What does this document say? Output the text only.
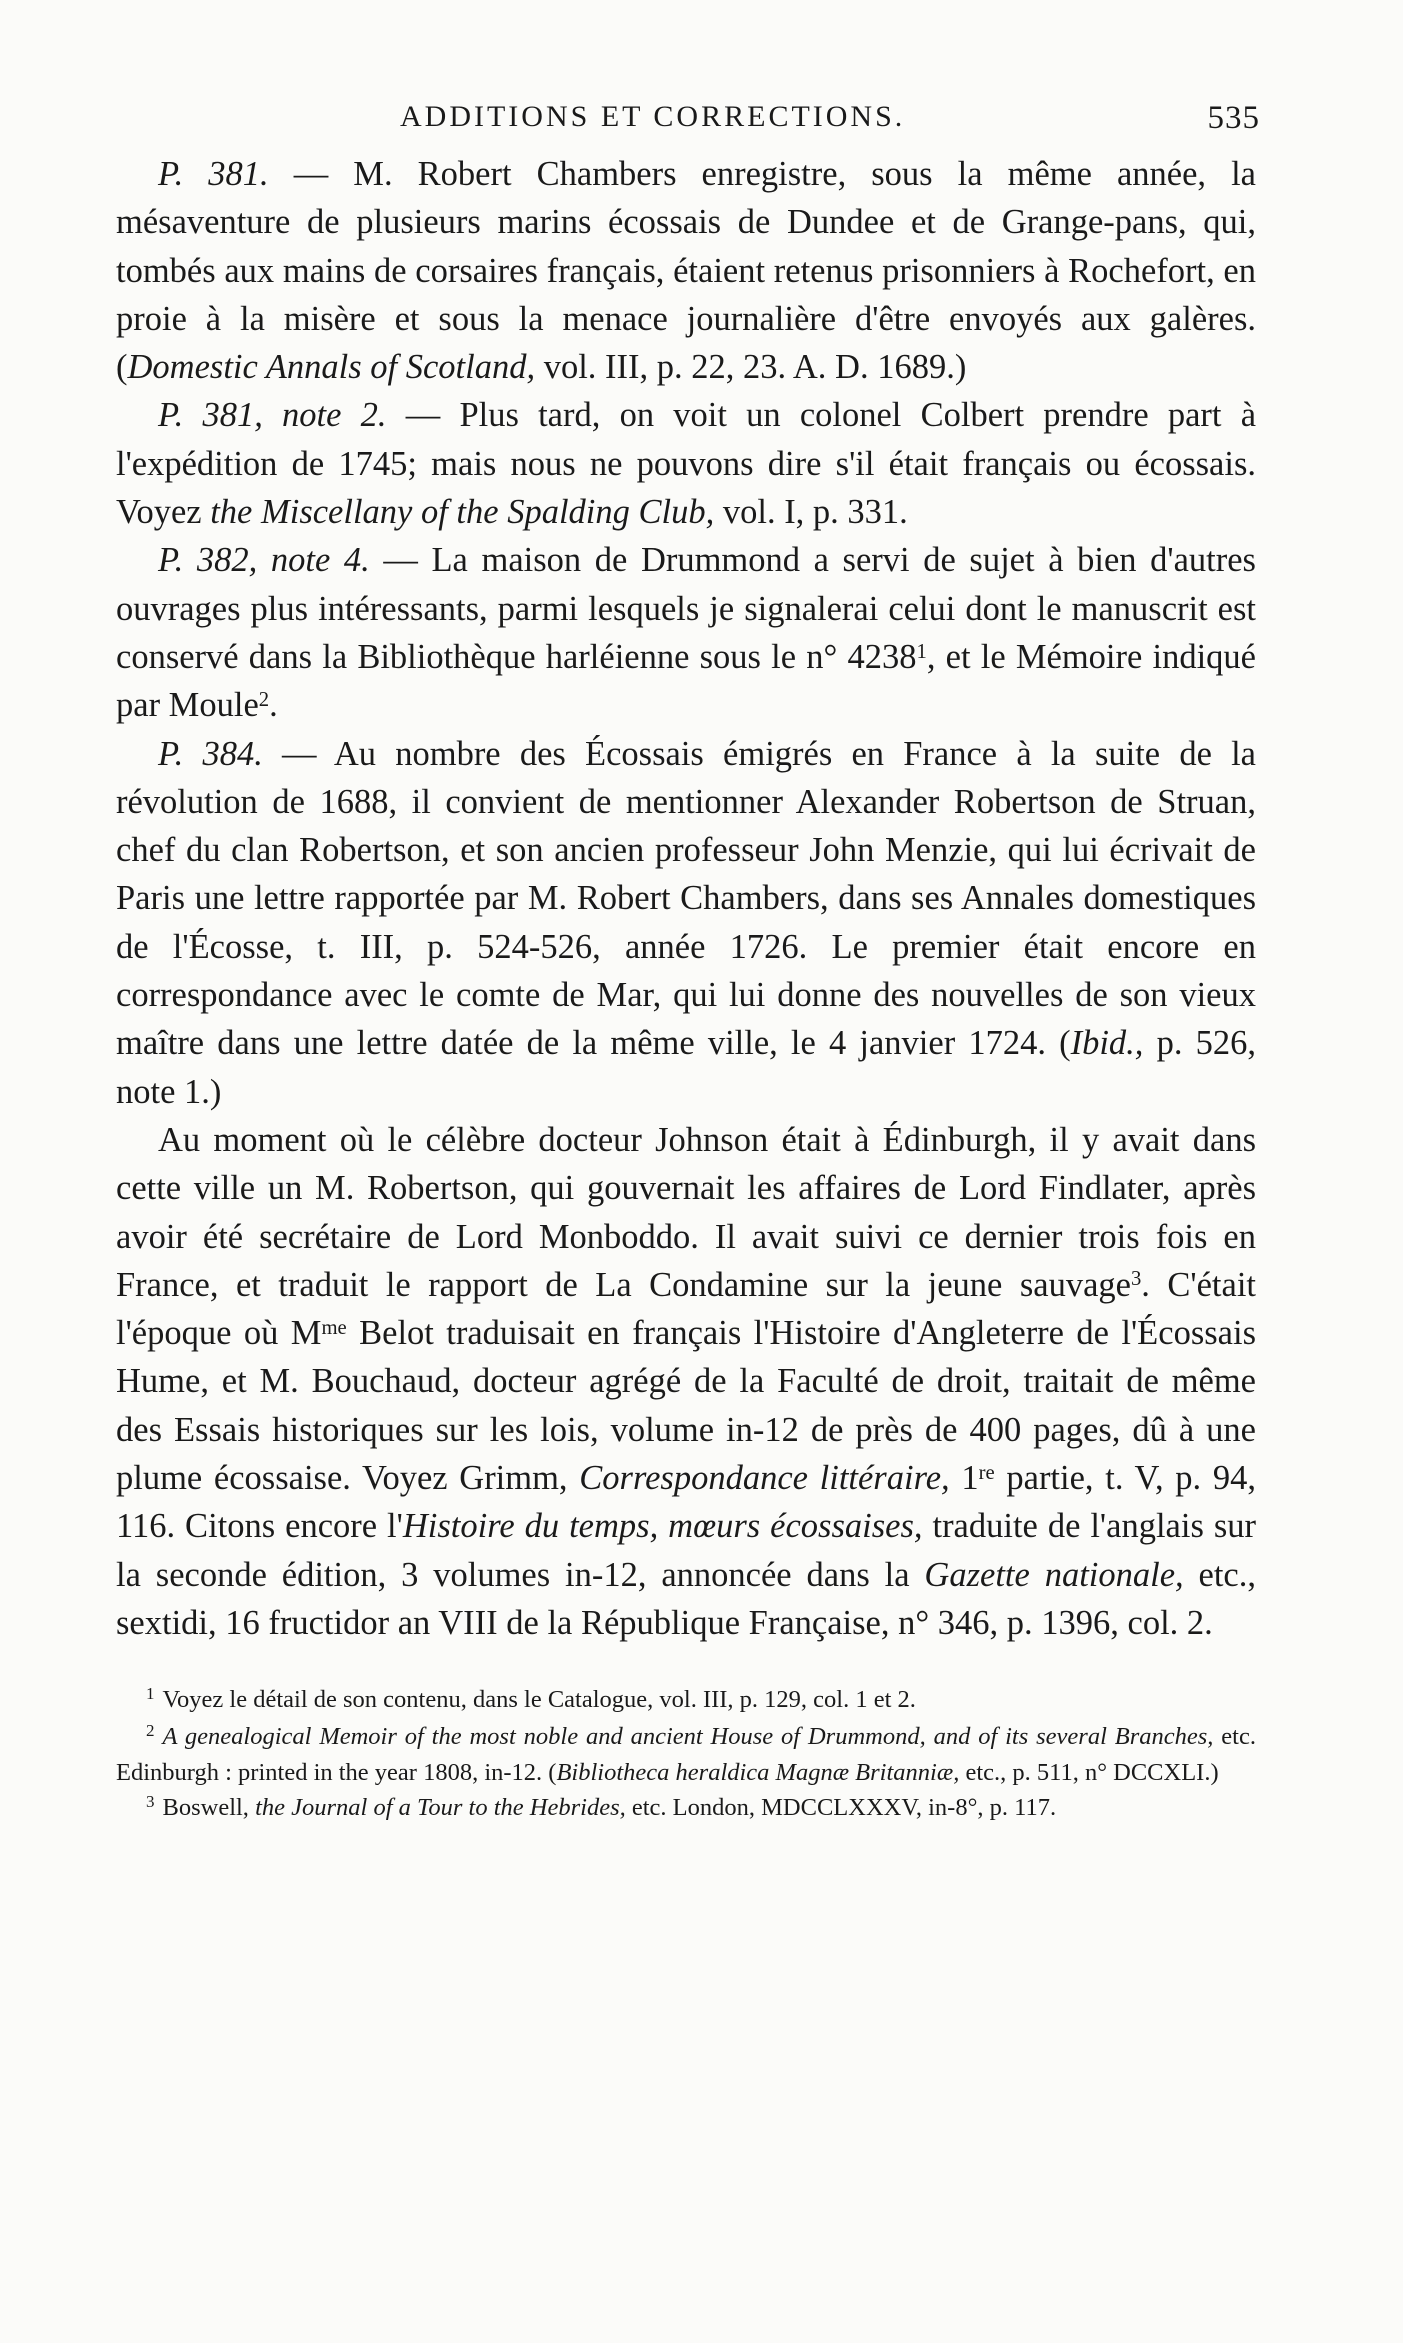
ADDITIONS ET CORRECTIONS.	535

P. 381. — M. Robert Chambers enregistre, sous la même année, la mésaventure de plusieurs marins écossais de Dundee et de Grange-pans, qui, tombés aux mains de corsaires français, étaient retenus prisonniers à Rochefort, en proie à la misère et sous la menace journalière d'être envoyés aux galères. (Domestic Annals of Scotland, vol. III, p. 22, 23. A. D. 1689.)

P. 381, note 2. — Plus tard, on voit un colonel Colbert prendre part à l'expédition de 1745; mais nous ne pouvons dire s'il était français ou écossais. Voyez the Miscellany of the Spalding Club, vol. I, p. 331.

P. 382, note 4. — La maison de Drummond a servi de sujet à bien d'autres ouvrages plus intéressants, parmi lesquels je signalerai celui dont le manuscrit est conservé dans la Bibliothèque harléienne sous le n° 4238$^1$, et le Mémoire indiqué par Moule$^2$.

P. 384. — Au nombre des Écossais émigrés en France à la suite de la révolution de 1688, il convient de mentionner Alexander Robertson de Struan, chef du clan Robertson, et son ancien professeur John Menzie, qui lui écrivait de Paris une lettre rapportée par M. Robert Chambers, dans ses Annales domestiques de l'Écosse, t. III, p. 524-526, année 1726. Le premier était encore en correspondance avec le comte de Mar, qui lui donne des nouvelles de son vieux maître dans une lettre datée de la même ville, le 4 janvier 1724. (Ibid., p. 526, note 1.)

Au moment où le célèbre docteur Johnson était à Édinburgh, il y avait dans cette ville un M. Robertson, qui gouvernait les affaires de Lord Findlater, après avoir été secrétaire de Lord Monboddo. Il avait suivi ce dernier trois fois en France, et traduit le rapport de La Condamine sur la jeune sauvage$^3$. C'était l'époque où $M^{me}$ Belot traduisait en français l'Histoire d'Angleterre de l'Écossais Hume, et M. Bouchaud, docteur agrégé de la Faculté de droit, traitait de même des Essais historiques sur les lois, volume in-12 de près de 400 pages, dû à une plume écossaise. Voyez Grimm, Correspondance littéraire, 1re partie, t. V, p. 94, 116. Citons encore l'Histoire du temps, mœurs écossaises, traduite de l'anglais sur la seconde édition, 3 volumes in-12, annoncée dans la Gazette nationale, etc., sextidi, 16 fructidor an VIII de la République Française, n° 346, p. 1396, col. 2.

$^1$ Voyez le détail de son contenu, dans le Catalogue, vol. III, p. 129, col. 1 et 2.

$^2$ A genealogical Memoir of the most noble and ancient House of Drummond, and of its several Branches, etc. Edinburgh : printed in the year 1808, in-12. (Bibliotheca heraldica Magnæ Britanniæ, etc., p. 511, n° DCCXLI.)

$^3$ Boswell, the Journal of a Tour to the Hebrides, etc. London, MDCCLXXXV, in-8°, p. 117.
